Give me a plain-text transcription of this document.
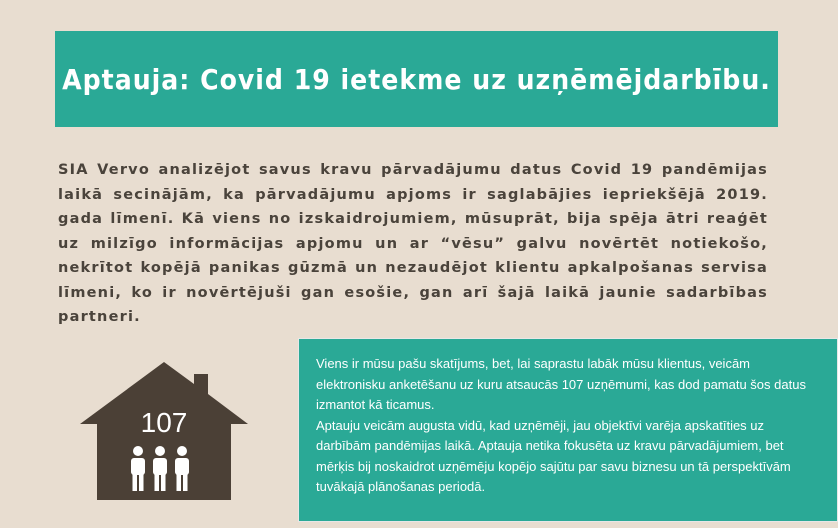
Aptauja: Covid 19 ietekme uz uzņēmējdarbību.

SIA Vervo analizējot savus kravu pārvadājumu datus Covid 19 pandēmijas laikā secinājām, ka pārvadājumu apjoms ir saglabājies iepriekšējā 2019. gada līmenī. Kā viens no izskaidrojumiem, mūsuprāt, bija spēja ātri reaģēt uz milzīgo informācijas apjomu un ar “vēsu” galvu novērtēt notiekošo, nekrītot kopējā panikas gūzmā un nezaudējot klientu apkalpošanas servisa līmeni, ko ir novērtējuši gan esošie, gan arī šajā laikā jaunie sadarbības partneri.

107

Viens ir mūsu pašu skatījums, bet, lai saprastu labāk mūsu klientus, veicām elektronisku anketēšanu uz kuru atsaucās 107 uzņēmumi, kas dod pamatu šos datus izmantot kā ticamus.

Aptauju veicām augusta vidū, kad uzņēmēji, jau objektīvi varēja apskatīties uz darbībām pandēmijas laikā. Aptauja netika fokusēta uz kravu pārvadājumiem, bet mērķis bij noskaidrot uzņēmēju kopējo sajūtu par savu biznesu un tā perspektīvām tuvākajā plānošanas periodā.
